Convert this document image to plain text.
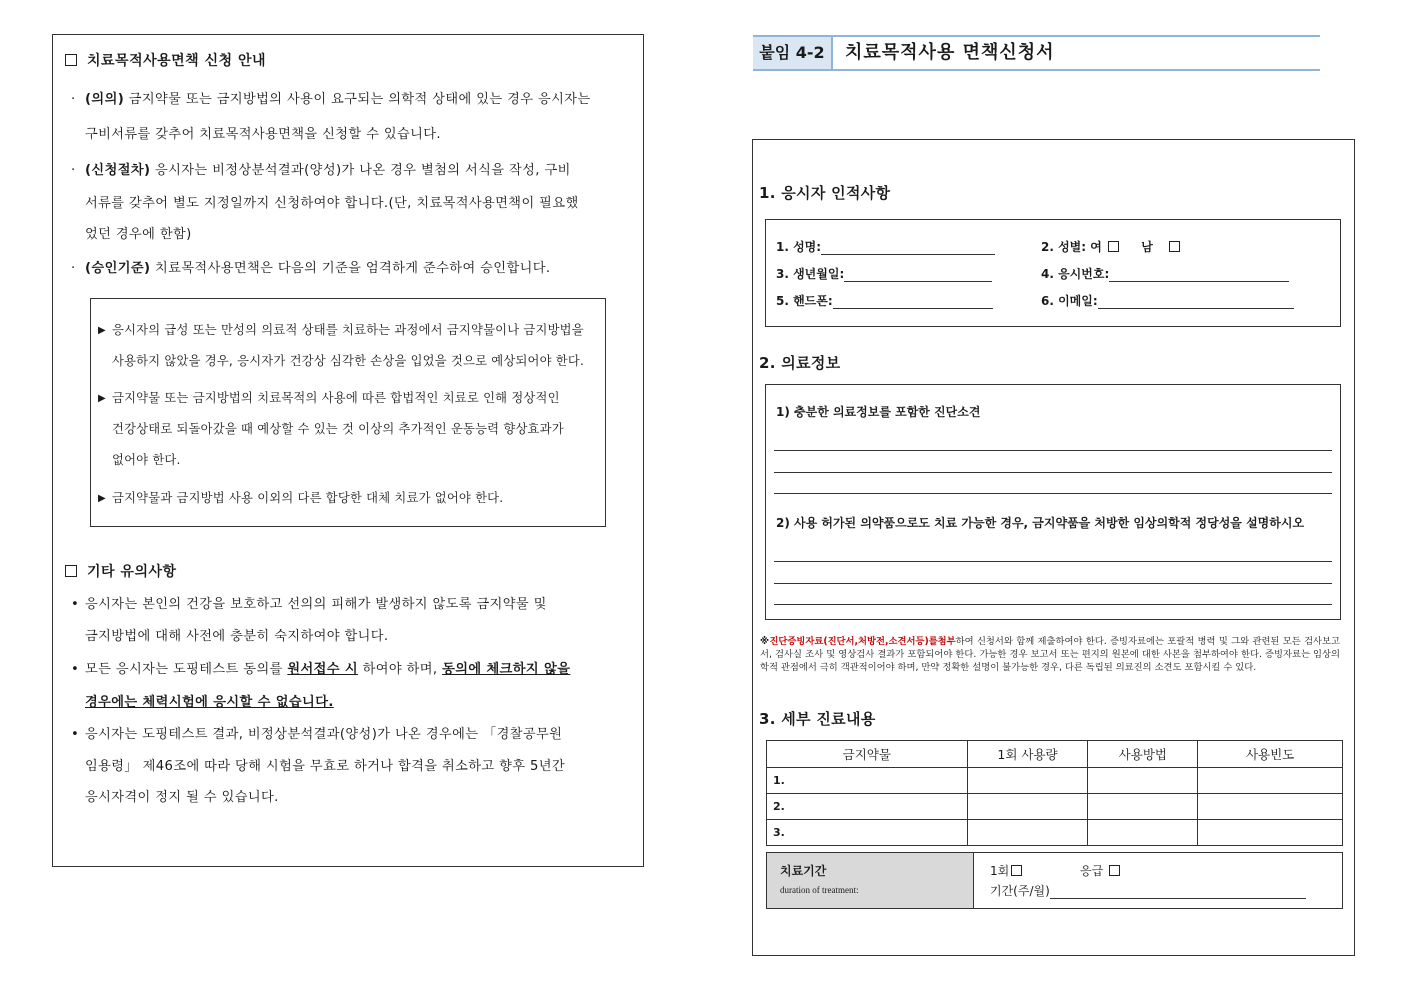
치료목적사용면책 신청 안내
· (의의) 금지약물 또는 금지방법의 사용이 요구되는 의학적 상태에 있는 경우 응시자는
구비서류를 갖추어 치료목적사용면책을 신청할 수 있습니다.
· (신청절차) 응시자는 비정상분석결과(양성)가 나온 경우 별첨의 서식을 작성, 구비
서류를 갖추어 별도 지정일까지 신청하여야 합니다.(단, 치료목적사용면책이 필요했
었던 경우에 한함)
· (승인기준) 치료목적사용면책은 다음의 기준을 엄격하게 준수하여 승인합니다.
▶ 응시자의 급성 또는 만성의 의료적 상태를 치료하는 과정에서 금지약물이나 금지방법을
사용하지 않았을 경우, 응시자가 건강상 심각한 손상을 입었을 것으로 예상되어야 한다.
▶ 금지약물 또는 금지방법의 치료목적의 사용에 따른 합법적인 치료로 인해 정상적인
건강상태로 되돌아갔을 때 예상할 수 있는 것 이상의 추가적인 운동능력 향상효과가
없어야 한다.
▶ 금지약물과 금지방법 사용 이외의 다른 합당한 대체 치료가 없어야 한다.
기타 유의사항
• 응시자는 본인의 건강을 보호하고 선의의 피해가 발생하지 않도록 금지약물 및
금지방법에 대해 사전에 충분히 숙지하여야 합니다.
• 모든 응시자는 도핑테스트 동의를 원서접수 시 하여야 하며, 동의에 체크하지 않을
경우에는 체력시험에 응시할 수 없습니다.
• 응시자는 도핑테스트 결과, 비정상분석결과(양성)가 나온 경우에는 「경찰공무원
임용령」 제46조에 따라 당해 시험을 무효로 하거나 합격을 취소하고 향후 5년간
응시자격이 정지 될 수 있습니다.
붙임 4-2	치료목적사용 면책신청서
1. 응시자 인적사항
1. 성명:	2. 성별: 여	남
3. 생년월일:	4. 응시번호:
5. 핸드폰:	6. 이메일:
2. 의료정보
1) 충분한 의료정보를 포함한 진단소견
2) 사용 허가된 의약품으로도 치료 가능한 경우, 금지약품을 처방한 임상의학적 정당성을 설명하시오
※진단증빙자료(진단서,처방전,소견서등)를첨부하여 신청서와 함께 제출하여야 한다. 증빙자료에는 포괄적 병력 및 그와 관련된 모든 검사보고서, 검사실 조사 및 영상검사 결과가 포함되어야 한다. 가능한 경우 보고서 또는 편지의 원본에 대한 사본을 첨부하여야 한다. 증빙자료는 임상의학적 관점에서 극히 객관적이어야 하며, 만약 정확한 설명이 불가능한 경우, 다른 독립된 의료진의 소견도 포함시킬 수 있다.
3. 세부 진료내용
금지약물	1회 사용량	사용방법	사용빈도
1.			
2.			
3.			
치료기간
duration of treatment:
1회	응급
기간(주/월)
